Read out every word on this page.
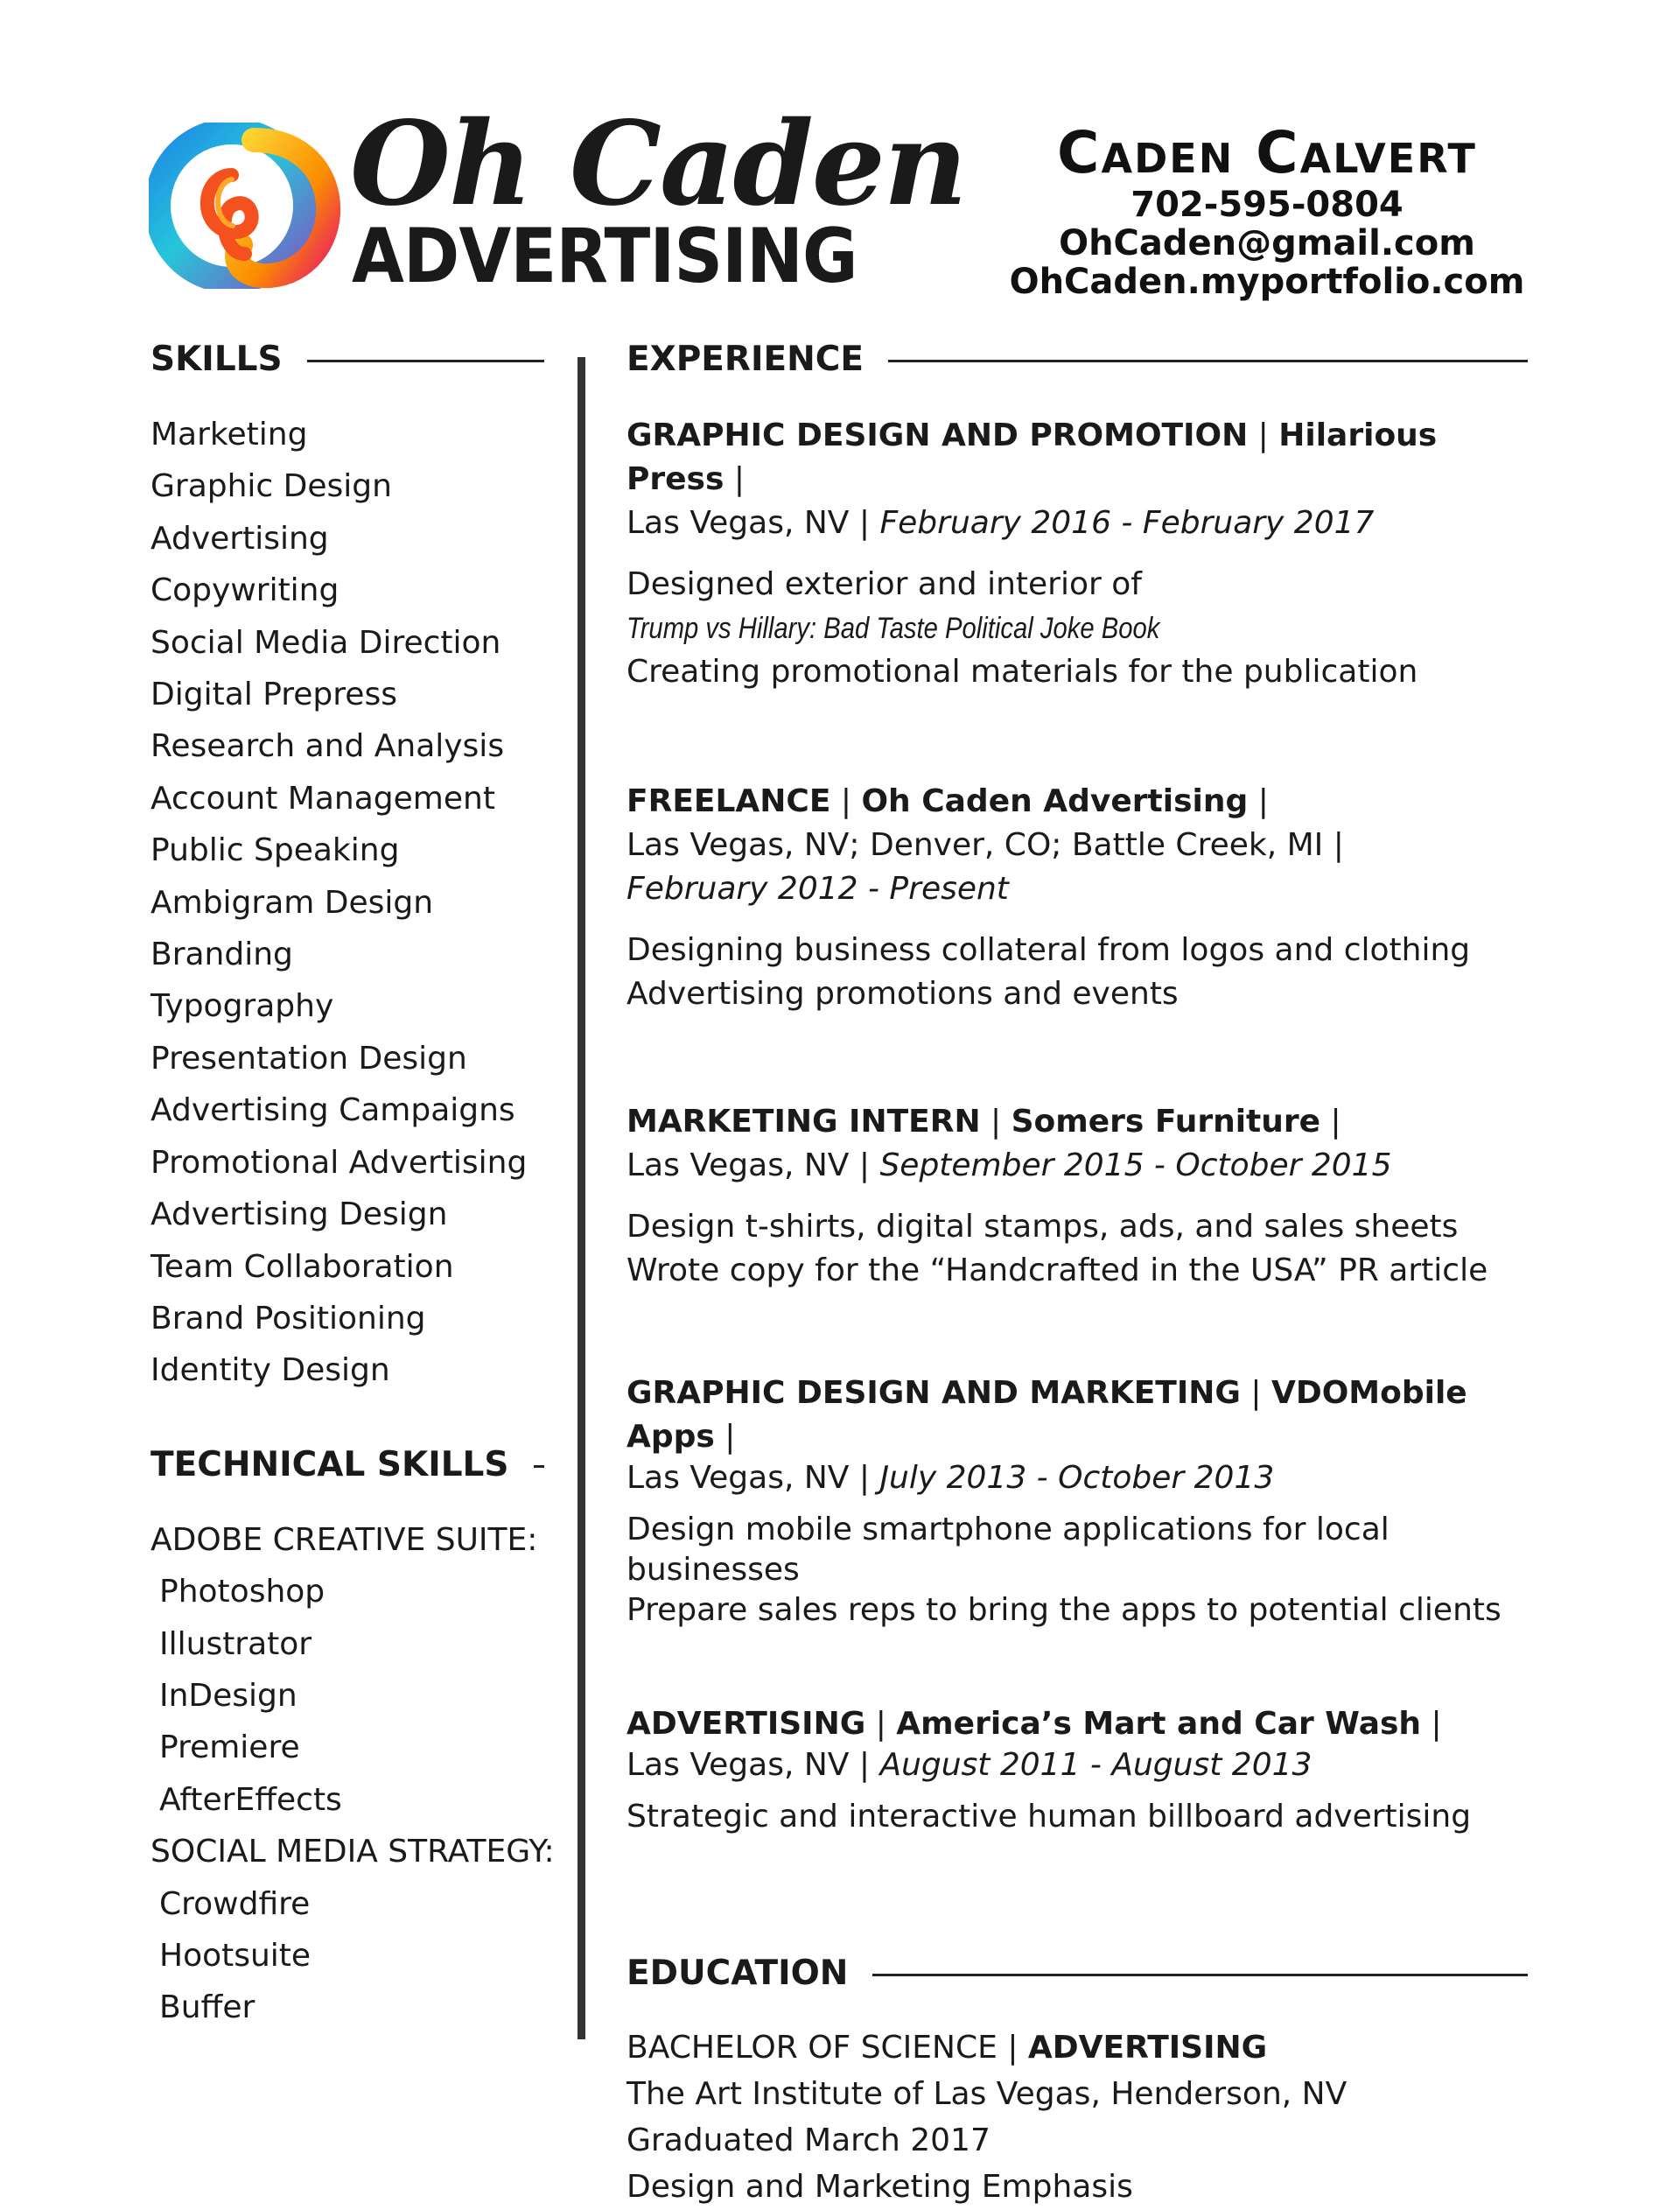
Oh Caden
ADVERTISING
Caden Calvert
702-595-0804
OhCaden@gmail.com
OhCaden.myportfolio.com
SKILLS
Marketing
Graphic Design
Advertising
Copywriting
Social Media Direction
Digital Prepress
Research and Analysis
Account Management
Public Speaking
Ambigram Design
Branding
Typography
Presentation Design
Advertising Campaigns
Promotional Advertising
Advertising Design
Team Collaboration
Brand Positioning
Identity Design
TECHNICAL SKILLS
ADOBE CREATIVE SUITE:
Photoshop
Illustrator
InDesign
Premiere
AfterEffects
SOCIAL MEDIA STRATEGY:
Crowdfire
Hootsuite
Buffer
EXPERIENCE
GRAPHIC DESIGN AND PROMOTION | Hilarious Press |
Las Vegas, NV | February 2016 - February 2017
Designed exterior and interior of
Trump vs Hillary: Bad Taste Political Joke Book
Creating promotional materials for the publication
FREELANCE | Oh Caden Advertising |
Las Vegas, NV; Denver, CO; Battle Creek, MI |
February 2012 - Present
Designing business collateral from logos and clothing
Advertising promotions and events
MARKETING INTERN | Somers Furniture |
Las Vegas, NV | September 2015 - October 2015
Design t-shirts, digital stamps, ads, and sales sheets
Wrote copy for the “Handcrafted in the USA” PR article
GRAPHIC DESIGN AND MARKETING | VDOMobile Apps |
Las Vegas, NV | July 2013 - October 2013
Design mobile smartphone applications for local businesses
Prepare sales reps to bring the apps to potential clients
ADVERTISING | America’s Mart and Car Wash |
Las Vegas, NV | August 2011 - August 2013
Strategic and interactive human billboard advertising
EDUCATION
BACHELOR OF SCIENCE | ADVERTISING
The Art Institute of Las Vegas, Henderson, NV
Graduated March 2017
Design and Marketing Emphasis
